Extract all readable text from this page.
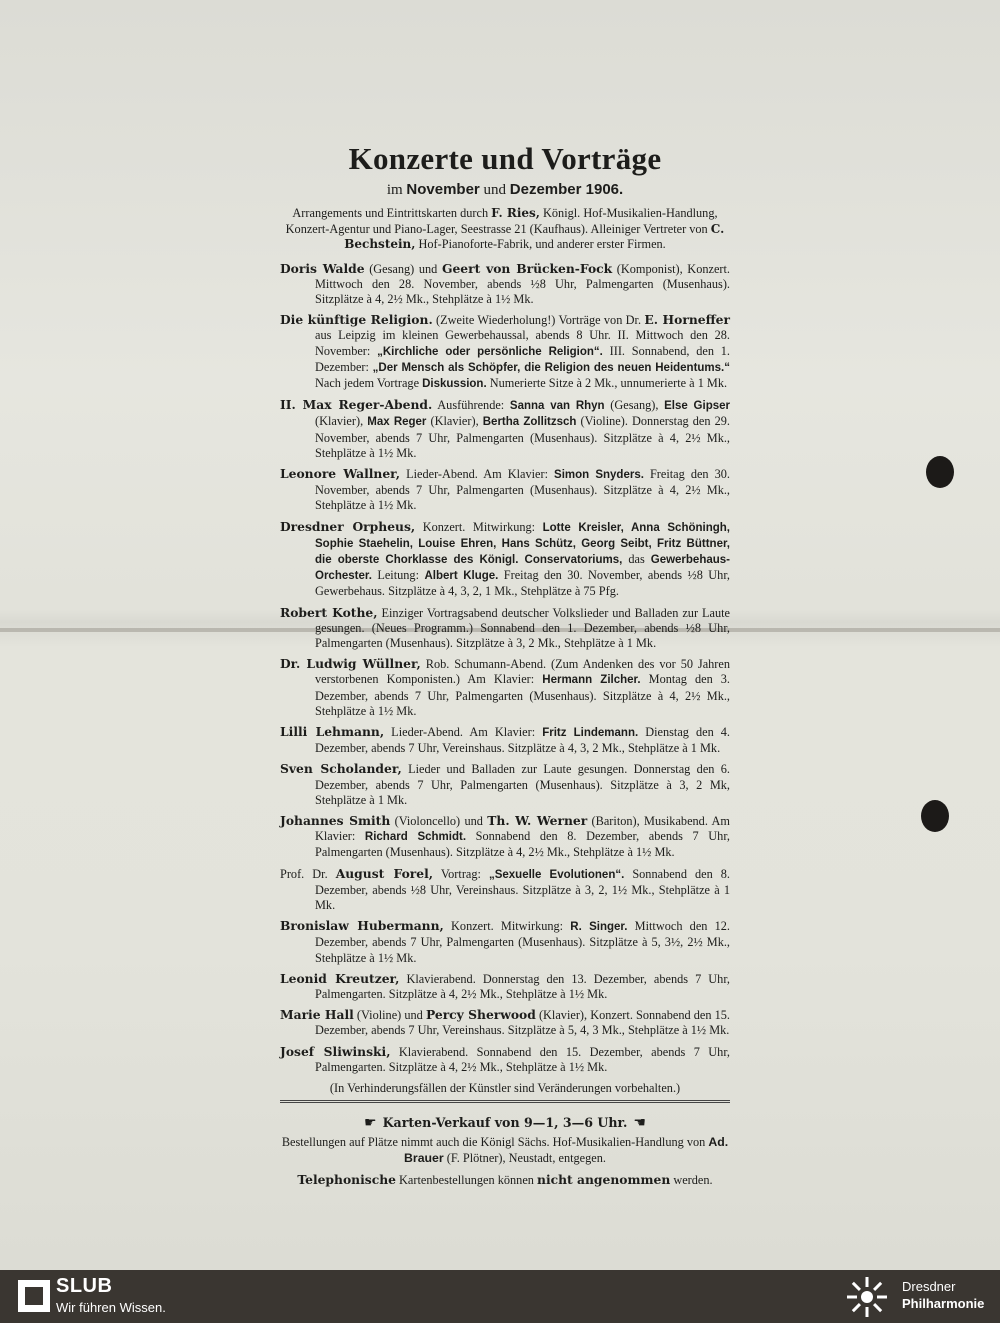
Konzerte und Vorträge

im November und Dezember 1906.

Arrangements und Eintrittskarten durch F. Ries, Königl. Hof-Musikalien-Handlung, Konzert-Agentur und Piano-Lager, Seestrasse 21 (Kaufhaus). Alleiniger Vertreter von C. Bechstein, Hof-Pianoforte-Fabrik, und anderer erster Firmen.

Doris Walde (Gesang) und Geert von Brücken-Fock (Komponist), Konzert. Mittwoch den 28. November, abends ½8 Uhr, Palmengarten (Musenhaus). Sitzplätze à 4, 2½ Mk., Stehplätze à 1½ Mk.

Die künftige Religion. (Zweite Wiederholung!) Vorträge von Dr. E. Horneffer aus Leipzig im kleinen Gewerbehaussal, abends 8 Uhr. II. Mittwoch den 28. November: „Kirchliche oder persönliche Religion“. III. Sonnabend, den 1. Dezember: „Der Mensch als Schöpfer, die Religion des neuen Heidentums.“ Nach jedem Vortrage Diskussion. Numerierte Sitze à 2 Mk., unnumerierte à 1 Mk.

II. Max Reger-Abend. Ausführende: Sanna van Rhyn (Gesang), Else Gipser (Klavier), Max Reger (Klavier), Bertha Zollitzsch (Violine). Donnerstag den 29. November, abends 7 Uhr, Palmengarten (Musenhaus). Sitzplätze à 4, 2½ Mk., Stehplätze à 1½ Mk.

Leonore Wallner, Lieder-Abend. Am Klavier: Simon Snyders. Freitag den 30. November, abends 7 Uhr, Palmengarten (Musenhaus). Sitzplätze à 4, 2½ Mk., Stehplätze à 1½ Mk.

Dresdner Orpheus, Konzert. Mitwirkung: Lotte Kreisler, Anna Schöningh, Sophie Staehelin, Louise Ehren, Hans Schütz, Georg Seibt, Fritz Büttner, die oberste Chorklasse des Königl. Conservatoriums, das Gewerbehaus-Orchester. Leitung: Albert Kluge. Freitag den 30. November, abends ½8 Uhr, Gewerbehaus. Sitzplätze à 4, 3, 2, 1 Mk., Stehplätze à 75 Pfg.

Robert Kothe, Einziger Vortragsabend deutscher Volkslieder und Balladen zur Laute gesungen. (Neues Programm.) Sonnabend den 1. Dezember, abends ½8 Uhr, Palmengarten (Musenhaus). Sitzplätze à 3, 2 Mk., Stehplätze à 1 Mk.

Dr. Ludwig Wüllner, Rob. Schumann-Abend. (Zum Andenken des vor 50 Jahren verstorbenen Komponisten.) Am Klavier: Hermann Zilcher. Montag den 3. Dezember, abends 7 Uhr, Palmengarten (Musenhaus). Sitzplätze à 4, 2½ Mk., Stehplätze à 1½ Mk.

Lilli Lehmann, Lieder-Abend. Am Klavier: Fritz Lindemann. Dienstag den 4. Dezember, abends 7 Uhr, Vereinshaus. Sitzplätze à 4, 3, 2 Mk., Stehplätze à 1 Mk.

Sven Scholander, Lieder und Balladen zur Laute gesungen. Donnerstag den 6. Dezember, abends 7 Uhr, Palmengarten (Musenhaus). Sitzplätze à 3, 2 Mk, Stehplätze à 1 Mk.

Johannes Smith (Violoncello) und Th. W. Werner (Bariton), Musikabend. Am Klavier: Richard Schmidt. Sonnabend den 8. Dezember, abends 7 Uhr, Palmengarten (Musenhaus). Sitzplätze à 4, 2½ Mk., Stehplätze à 1½ Mk.

Prof. Dr. August Forel, Vortrag: „Sexuelle Evolutionen“. Sonnabend den 8. Dezember, abends ½8 Uhr, Vereinshaus. Sitzplätze à 3, 2, 1½ Mk., Stehplätze à 1 Mk.

Bronislaw Hubermann, Konzert. Mitwirkung: R. Singer. Mittwoch den 12. Dezember, abends 7 Uhr, Palmengarten (Musenhaus). Sitzplätze à 5, 3½, 2½ Mk., Stehplätze à 1½ Mk.

Leonid Kreutzer, Klavierabend. Donnerstag den 13. Dezember, abends 7 Uhr, Palmengarten. Sitzplätze à 4, 2½ Mk., Stehplätze à 1½ Mk.

Marie Hall (Violine) und Percy Sherwood (Klavier), Konzert. Sonnabend den 15. Dezember, abends 7 Uhr, Vereinshaus. Sitzplätze à 5, 4, 3 Mk., Stehplätze à 1½ Mk.

Josef Sliwinski, Klavierabend. Sonnabend den 15. Dezember, abends 7 Uhr, Palmengarten. Sitzplätze à 4, 2½ Mk., Stehplätze à 1½ Mk.

(In Verhinderungsfällen der Künstler sind Veränderungen vorbehalten.)

☛ Karten-Verkauf von 9—1, 3—6 Uhr. ☚

Bestellungen auf Plätze nimmt auch die Königl Sächs. Hof-Musikalien-Handlung von Ad. Brauer (F. Plötner), Neustadt, entgegen.

Telephonische Kartenbestellungen können nicht angenommen werden.

SLUB
Wir führen Wissen.
Dresdner
Philharmonie
